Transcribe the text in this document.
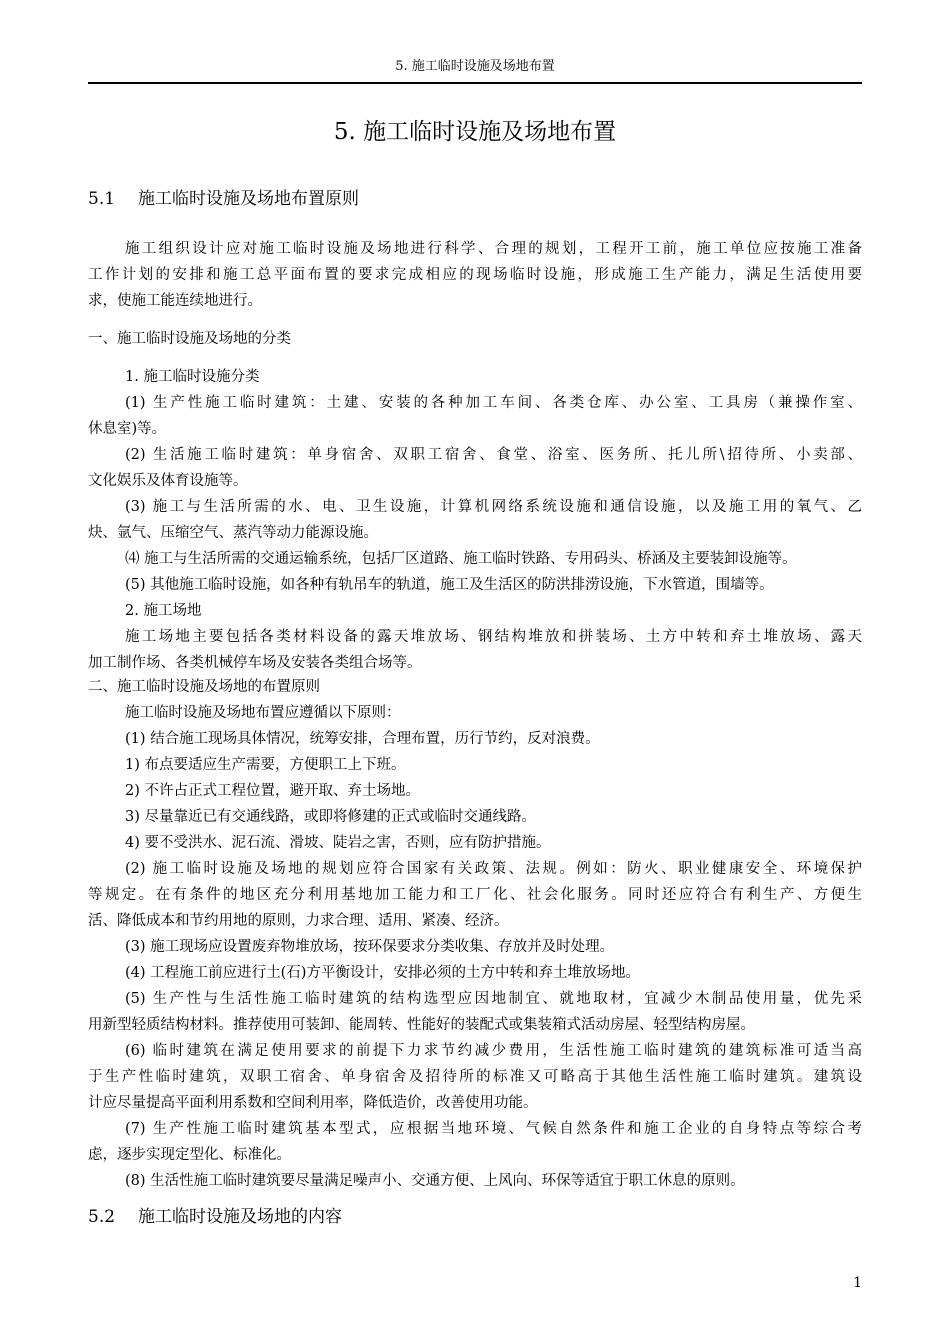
5. 施工临时设施及场地布置
5. 施工临时设施及场地布置
5.1 施工临时设施及场地布置原则
施工组织设计应对施工临时设施及场地进行科学、合理的规划，工程开工前，施工单位应按施工准备
工作计划的安排和施工总平面布置的要求完成相应的现场临时设施，形成施工生产能力，满足生活使用要
求，使施工能连续地进行。
一、施工临时设施及场地的分类
1. 施工临时设施分类
(1) 生产性施工临时建筑：土建、安装的各种加工车间、各类仓库、办公室、工具房（兼操作室、
休息室)等。
(2) 生活施工临时建筑：单身宿舍、双职工宿舍、食堂、浴室、医务所、托儿所\招待所、小卖部、
文化娱乐及体育设施等。
(3) 施工与生活所需的水、电、卫生设施，计算机网络系统设施和通信设施，以及施工用的氧气、乙
炔、氩气、压缩空气、蒸汽等动力能源设施。
⑷ 施工与生活所需的交通运输系统，包括厂区道路、施工临时铁路、专用码头、桥涵及主要装卸设施等。
(5) 其他施工临时设施，如各种有轨吊车的轨道，施工及生活区的防洪排涝设施，下水管道，围墙等。
2. 施工场地
施工场地主要包括各类材料设备的露天堆放场、钢结构堆放和拼装场、土方中转和弃土堆放场、露天
加工制作场、各类机械停车场及安装各类组合场等。
二、施工临时设施及场地的布置原则
施工临时设施及场地布置应遵循以下原则：
(1) 结合施工现场具体情况，统筹安排，合理布置，历行节约，反对浪费。
1) 布点要适应生产需要，方便职工上下班。
2) 不许占正式工程位置，避开取、弃土场地。
3) 尽量靠近已有交通线路，或即将修建的正式或临时交通线路。
4) 要不受洪水、泥石流、滑坡、陡岩之害，否则，应有防护措施。
(2) 施工临时设施及场地的规划应符合国家有关政策、法规。例如：防火、职业健康安全、环境保护
等规定。在有条件的地区充分利用基地加工能力和工厂化、社会化服务。同时还应符合有利生产、方便生
活、降低成本和节约用地的原则，力求合理、适用、紧凑、经济。
(3) 施工现场应设置废弃物堆放场，按环保要求分类收集、存放并及时处理。
(4) 工程施工前应进行土(石)方平衡设计，安排必须的土方中转和弃土堆放场地。
(5) 生产性与生活性施工临时建筑的结构选型应因地制宜、就地取材，宜减少木制品使用量，优先采
用新型轻质结构材料。推荐使用可装卸、能周转、性能好的装配式或集装箱式活动房屋、轻型结构房屋。
(6) 临时建筑在满足使用要求的前提下力求节约减少费用，生活性施工临时建筑的建筑标准可适当高
于生产性临时建筑，双职工宿舍、单身宿舍及招待所的标准又可略高于其他生活性施工临时建筑。建筑设
计应尽量提高平面利用系数和空间利用率，降低造价，改善使用功能。
(7) 生产性施工临时建筑基本型式，应根据当地环境、气候自然条件和施工企业的自身特点等综合考
虑，逐步实现定型化、标准化。
(8) 生活性施工临时建筑要尽量满足噪声小、交通方便、上风向、环保等适宜于职工休息的原则。
5.2 施工临时设施及场地的内容
1
